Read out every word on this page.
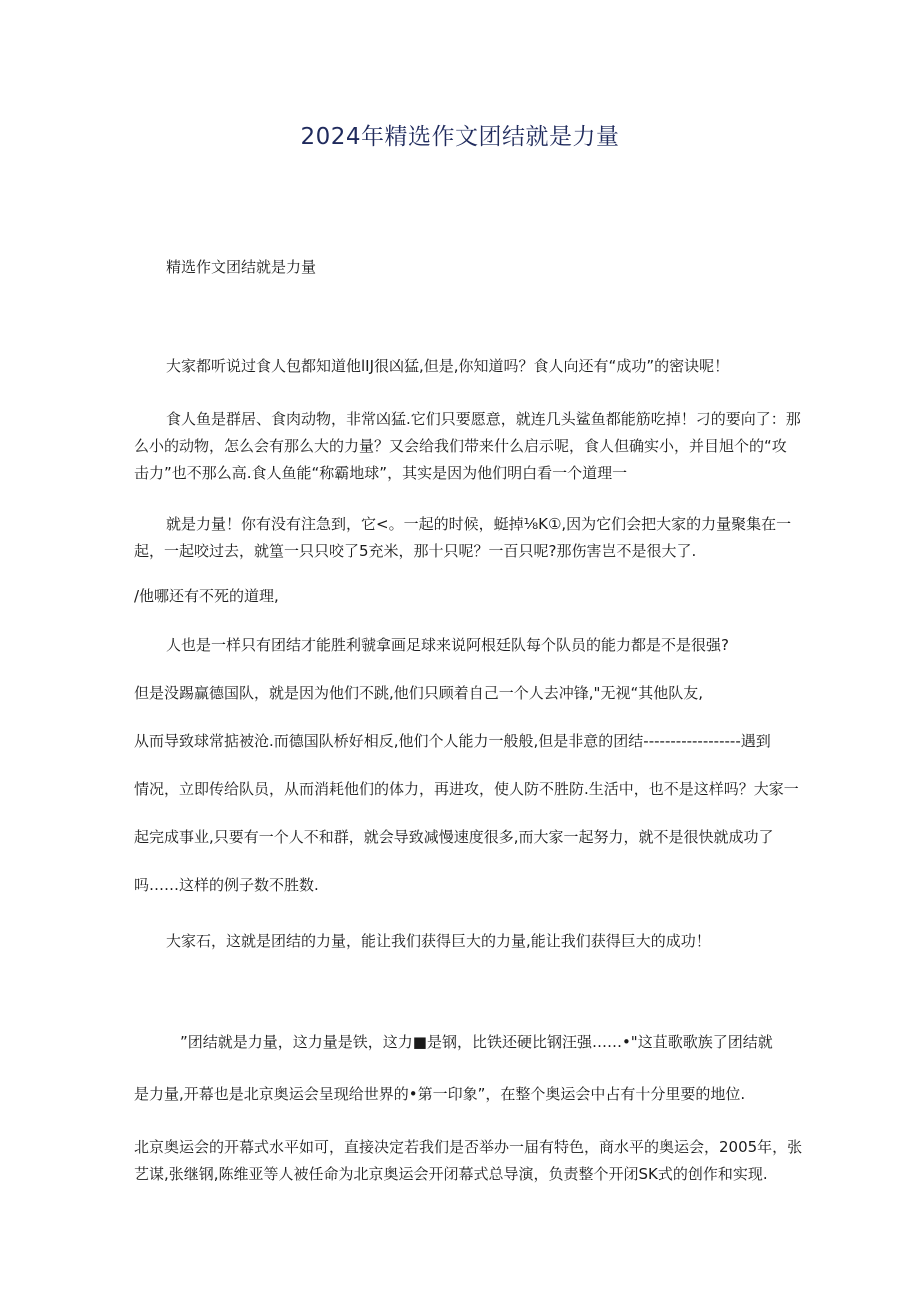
2024年精选作文团结就是力量
精选作文团结就是力量
大家都听说过食人包都知道他lIJ很凶猛,但是,你知道吗？食人向还有“成功”的密诀呢！
食人鱼是群居、食肉动物，非常凶猛.它们只要愿意，就连几头鲨鱼都能筋吃掉！刁的要向了：那
么小的动物，怎么会有那么大的力量？又会给我们带来什么启示呢，食人但确实小，并目旭个的“攻
击力”也不那么高.食人鱼能“称霸地球”，其实是因为他们明白看一个道理一
就是力量！你有没有注急到，它<。一起的时候，蜓掉⅛K①,因为它们会把大家的力量聚集在一
起，一起咬过去，就篁一只只咬了5充米，那十只呢？一百只呢?那伤害岂不是很大了.
/他哪还有不死的道理,
人也是一样只有团结才能胜利虢拿画足球来说阿根廷队每个队员的能力都是不是很强?
但是没踢赢德国队，就是因为他们不跳,他们只顾着自己一个人去冲锋,"无视“其他队友,
从而导致球常掂被沧.而德国队桥好相反,他们个人能力一般般,但是非意的团结------------------遇到
情况，立即传给队员，从而消耗他们的体力，再进攻，使人防不胜防.生活中，也不是这样吗？大家一
起完成事业,只要有一个人不和群，就会导致减慢速度很多,而大家一起努力，就不是很快就成功了
吗……这样的例子数不胜数.
大家石，这就是团结的力量，能让我们获得巨大的力量,能让我们获得巨大的成功！
”团结就是力量，这力量是铁，这力■是钢，比铁还硬比钢汪强……•"这苴歌歌族了团结就
是力量,开幕也是北京奥运会呈现给世界的•第一印象”，在整个奥运会中占有十分里要的地位.
北京奥运会的开幕式水平如可，直接决定若我们是否举办一届有特色，商水平的奥运会，2005年，张
艺谋,张继钢,陈维亚等人被任命为北京奥运会开闭幕式总导演，负责整个开闭SK式的创作和实现.
